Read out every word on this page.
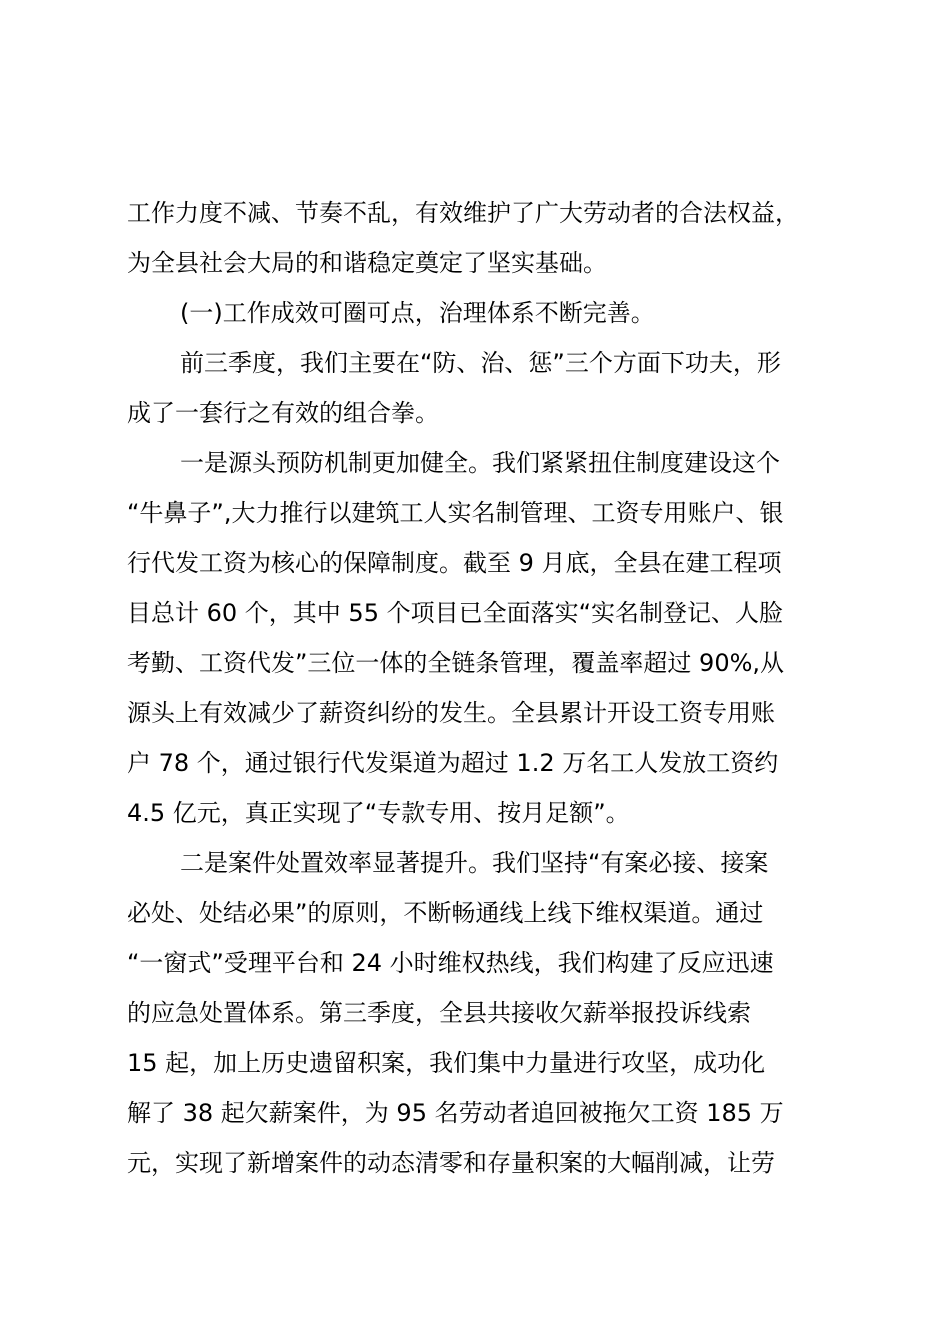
工作力度不减、节奏不乱，有效维护了广大劳动者的合法权益，
为全县社会大局的和谐稳定奠定了坚实基础。
(一)工作成效可圈可点，治理体系不断完善。
前三季度，我们主要在“防、治、惩”三个方面下功夫，形
成了一套行之有效的组合拳。
一是源头预防机制更加健全。我们紧紧扭住制度建设这个
“牛鼻子”,大力推行以建筑工人实名制管理、工资专用账户、银
行代发工资为核心的保障制度。截至 9 月底，全县在建工程项
目总计 60 个，其中 55 个项目已全面落实“实名制登记、人脸
考勤、工资代发”三位一体的全链条管理，覆盖率超过 90%,从
源头上有效减少了薪资纠纷的发生。全县累计开设工资专用账
户 78 个，通过银行代发渠道为超过 1.2 万名工人发放工资约
4.5 亿元，真正实现了“专款专用、按月足额”。
二是案件处置效率显著提升。我们坚持“有案必接、接案
必处、处结必果”的原则，不断畅通线上线下维权渠道。通过
“一窗式”受理平台和 24 小时维权热线，我们构建了反应迅速
的应急处置体系。第三季度，全县共接收欠薪举报投诉线索
15 起，加上历史遗留积案，我们集中力量进行攻坚，成功化
解了 38 起欠薪案件，为 95 名劳动者追回被拖欠工资 185 万
元，实现了新增案件的动态清零和存量积案的大幅削减，让劳
